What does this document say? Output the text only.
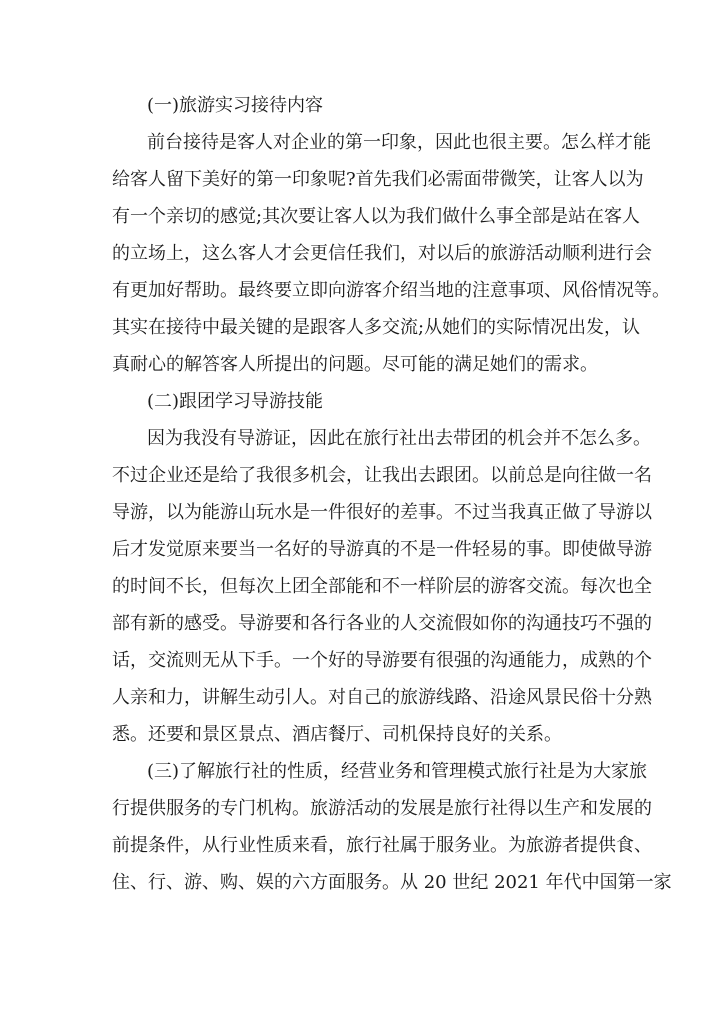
(一)旅游实习接待内容
前台接待是客人对企业的第一印象，因此也很主要。怎么样才能
给客人留下美好的第一印象呢?首先我们必需面带微笑，让客人以为
有一个亲切的感觉;其次要让客人以为我们做什么事全部是站在客人
的立场上，这么客人才会更信任我们，对以后的旅游活动顺利进行会
有更加好帮助。最终要立即向游客介绍当地的注意事项、风俗情况等。
其实在接待中最关键的是跟客人多交流;从她们的实际情况出发，认
真耐心的解答客人所提出的问题。尽可能的满足她们的需求。
(二)跟团学习导游技能
因为我没有导游证，因此在旅行社出去带团的机会并不怎么多。
不过企业还是给了我很多机会，让我出去跟团。以前总是向往做一名
导游，以为能游山玩水是一件很好的差事。不过当我真正做了导游以
后才发觉原来要当一名好的导游真的不是一件轻易的事。即使做导游
的时间不长，但每次上团全部能和不一样阶层的游客交流。每次也全
部有新的感受。导游要和各行各业的人交流假如你的沟通技巧不强的
话，交流则无从下手。一个好的导游要有很强的沟通能力，成熟的个
人亲和力，讲解生动引人。对自己的旅游线路、沿途风景民俗十分熟
悉。还要和景区景点、酒店餐厅、司机保持良好的关系。
(三)了解旅行社的性质，经营业务和管理模式旅行社是为大家旅
行提供服务的专门机构。旅游活动的发展是旅行社得以生产和发展的
前提条件，从行业性质来看，旅行社属于服务业。为旅游者提供食、
住、行、游、购、娱的六方面服务。从 20 世纪 2021 年代中国第一家
